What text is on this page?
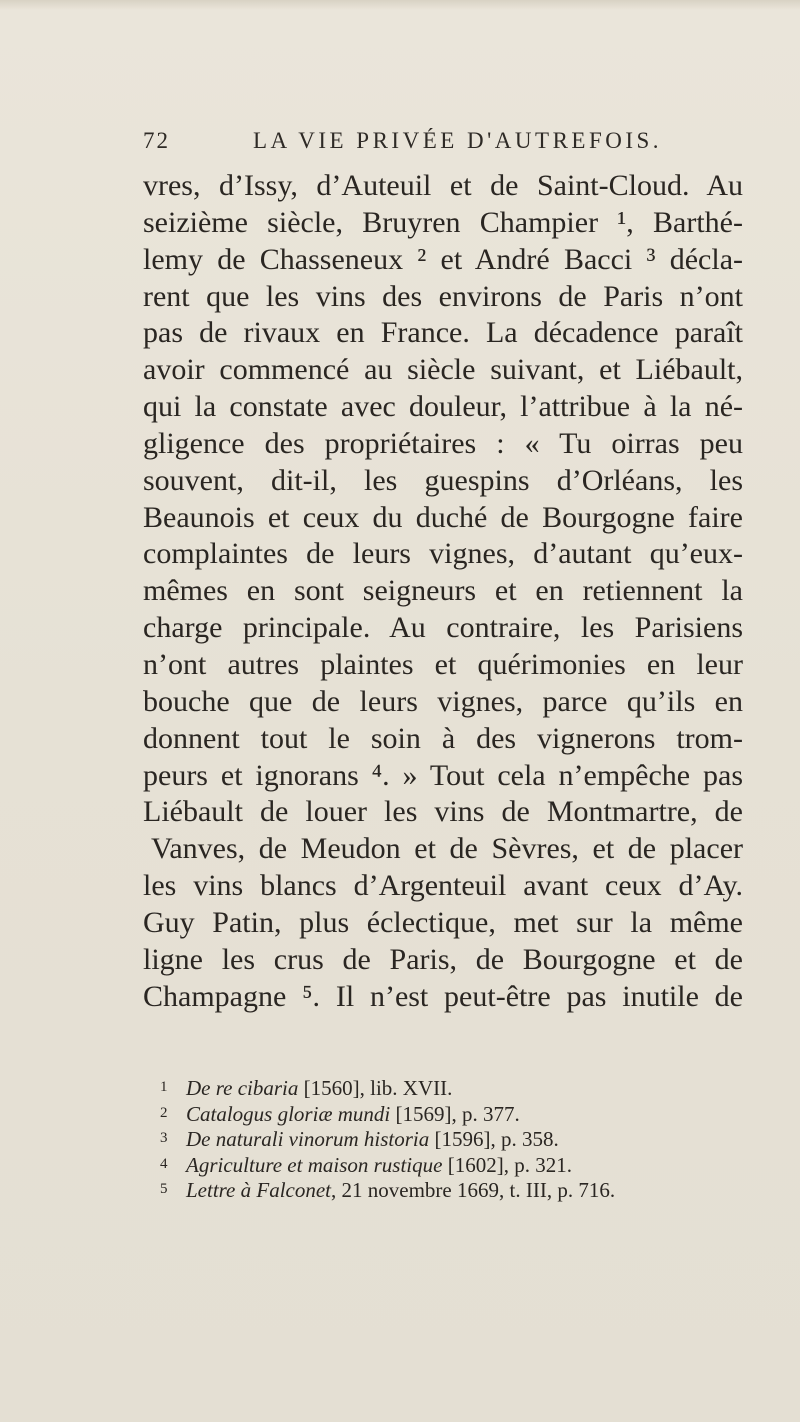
72	LA VIE PRIVÉE D'AUTREFOIS.
vres, d’Issy, d’Auteuil et de Saint-Cloud. Au
seizième siècle, Bruyren Champier ¹, Barthé-
lemy de Chasseneux ² et André Bacci ³ décla-
rent que les vins des environs de Paris n’ont
pas de rivaux en France. La décadence paraît
avoir commencé au siècle suivant, et Liébault,
qui la constate avec douleur, l’attribue à la né-
gligence des propriétaires : « Tu oirras peu
souvent, dit-il, les guespins d’Orléans, les
Beaunois et ceux du duché de Bourgogne faire
complaintes de leurs vignes, d’autant qu’eux-
mêmes en sont seigneurs et en retiennent la
charge principale. Au contraire, les Parisiens
n’ont autres plaintes et quérimonies en leur
bouche que de leurs vignes, parce qu’ils en
donnent tout le soin à des vignerons trom-
peurs et ignorans ⁴. » Tout cela n’empêche pas
Liébault de louer les vins de Montmartre, de
Vanves, de Meudon et de Sèvres, et de placer
les vins blancs d’Argenteuil avant ceux d’Ay.
Guy Patin, plus éclectique, met sur la même
ligne les crus de Paris, de Bourgogne et de
Champagne ⁵. Il n’est peut-être pas inutile de
1 De re cibaria [1560], lib. XVII.
2 Catalogus gloriæ mundi [1569], p. 377.
3 De naturali vinorum historia [1596], p. 358.
4 Agriculture et maison rustique [1602], p. 321.
5 Lettre à Falconet, 21 novembre 1669, t. III, p. 716.
